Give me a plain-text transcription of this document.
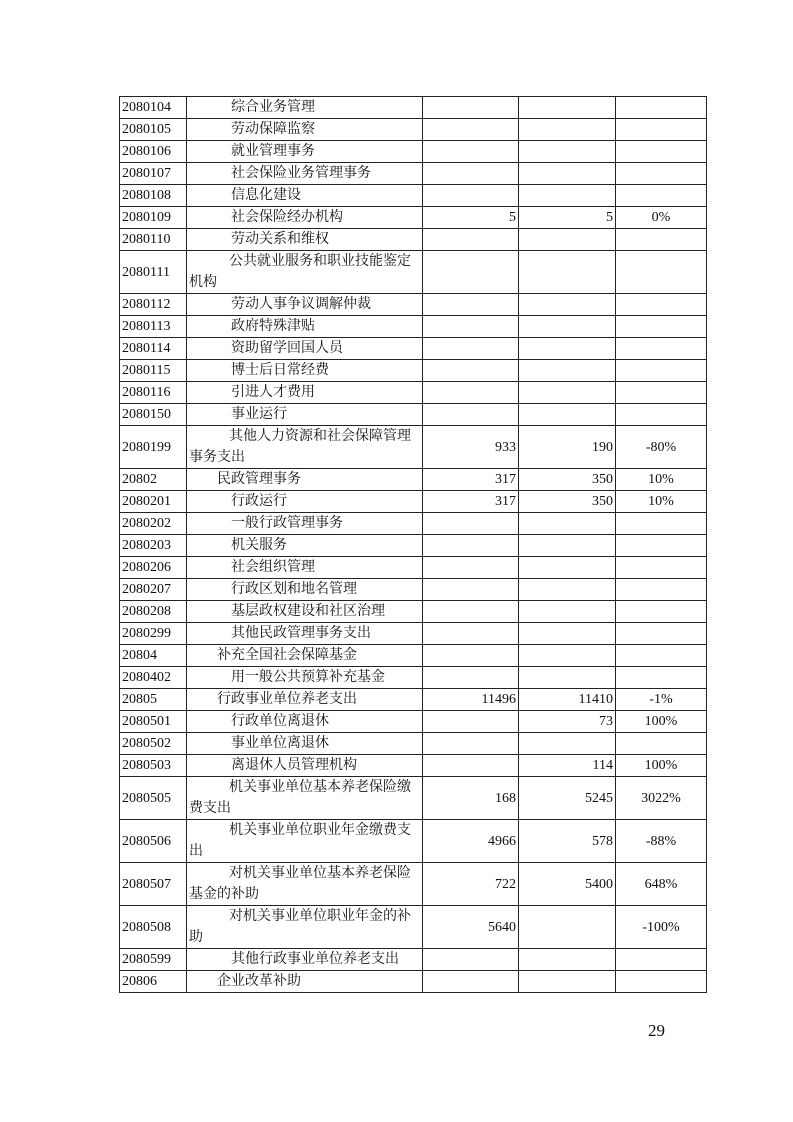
2080104	综合业务管理			
2080105	劳动保障监察			
2080106	就业管理事务			
2080107	社会保险业务管理事务			
2080108	信息化建设			
2080109	社会保险经办机构	5	5	0%
2080110	劳动关系和维权			
2080111	公共就业服务和职业技能鉴定机构			

2080112	劳动人事争议调解仲裁			
2080113	政府特殊津贴			
2080114	资助留学回国人员			
2080115	博士后日常经费			
2080116	引进人才费用			
2080150	事业运行			
2080199	其他人力资源和社会保障管理事务支出	933	190	-80%
20802	民政管理事务	317	350	10%
2080201	行政运行	317	350	10%
2080202	一般行政管理事务			
2080203	机关服务			
2080206	社会组织管理			
2080207	行政区划和地名管理			
2080208	基层政权建设和社区治理			
2080299	其他民政管理事务支出			
20804	补充全国社会保障基金			
2080402	用一般公共预算补充基金			
20805	行政事业单位养老支出	11496	11410	-1%
2080501	行政单位离退休		73	100%
2080502	事业单位离退休			
2080503	离退休人员管理机构		114	100%
2080505	机关事业单位基本养老保险缴费支出	168	5245	3022%
2080506	机关事业单位职业年金缴费支出	4966	578	-88%
2080507	对机关事业单位基本养老保险基金的补助	722	5400	648%
2080508	对机关事业单位职业年金的补助	5640		-100%
2080599	其他行政事业单位养老支出			
20806	企业改革补助			
29
